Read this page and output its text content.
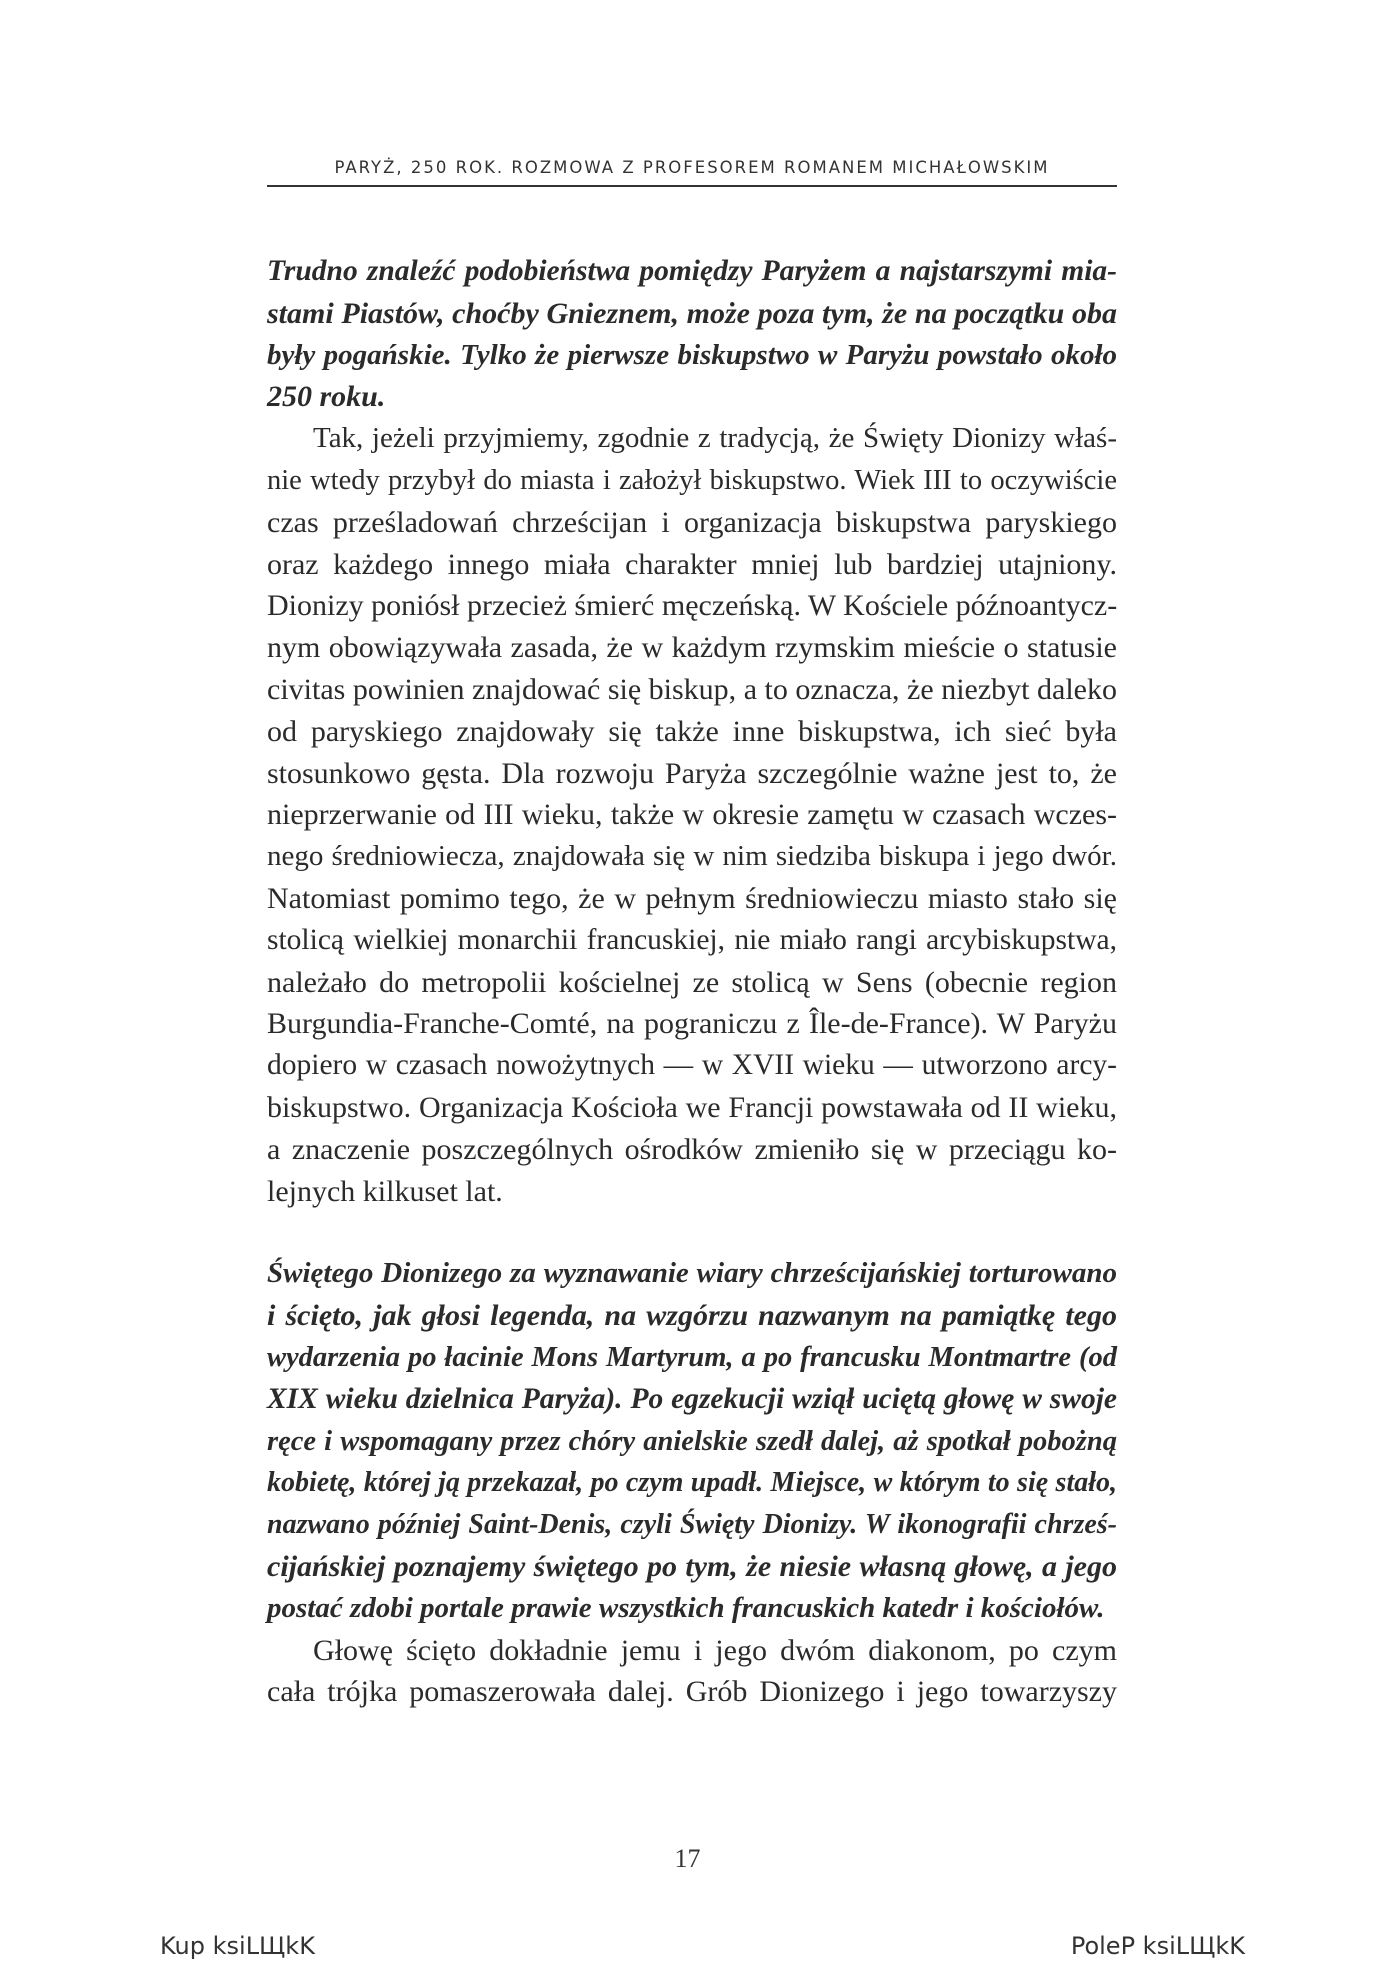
PARYŻ, 250 ROK. ROZMOWA Z PROFESOREM ROMANEM MICHAŁOWSKIM

Trudno znaleźć podobieństwa pomiędzy Paryżem a najstarszymi mia-
stami Piastów, choćby Gnieznem, może poza tym, że na początku oba
były pogańskie. Tylko że pierwsze biskupstwo w Paryżu powstało około
250 roku.

Tak, jeżeli przyjmiemy, zgodnie z tradycją, że Święty Dionizy właś-
nie wtedy przybył do miasta i założył biskupstwo. Wiek III to oczywiście
czas prześladowań chrześcijan i organizacja biskupstwa paryskiego
oraz każdego innego miała charakter mniej lub bardziej utajniony.
Dionizy poniósł przecież śmierć męczeńską. W Kościele późnoantycz-
nym obowiązywała zasada, że w każdym rzymskim mieście o statusie
civitas powinien znajdować się biskup, a to oznacza, że niezbyt daleko
od paryskiego znajdowały się także inne biskupstwa, ich sieć była
stosunkowo gęsta. Dla rozwoju Paryża szczególnie ważne jest to, że
nieprzerwanie od III wieku, także w okresie zamętu w czasach wczes-
nego średniowiecza, znajdowała się w nim siedziba biskupa i jego dwór.
Natomiast pomimo tego, że w pełnym średniowieczu miasto stało się
stolicą wielkiej monarchii francuskiej, nie miało rangi arcybiskupstwa,
należało do metropolii kościelnej ze stolicą w Sens (obecnie region
Burgundia-Franche-Comté, na pograniczu z Île-de-France). W Paryżu
dopiero w czasach nowożytnych — w XVII wieku — utworzono arcy-
biskupstwo. Organizacja Kościoła we Francji powstawała od II wieku,
a znaczenie poszczególnych ośrodków zmieniło się w przeciągu ko-
lejnych kilkuset lat.

Świętego Dionizego za wyznawanie wiary chrześcijańskiej torturowano
i ścięto, jak głosi legenda, na wzgórzu nazwanym na pamiątkę tego
wydarzenia po łacinie Mons Martyrum, a po francusku Montmartre (od
XIX wieku dzielnica Paryża). Po egzekucji wziął uciętą głowę w swoje
ręce i wspomagany przez chóry anielskie szedł dalej, aż spotkał pobożną
kobietę, której ją przekazał, po czym upadł. Miejsce, w którym to się stało,
nazwano później Saint-Denis, czyli Święty Dionizy. W ikonografii chrześ-
cijańskiej poznajemy świętego po tym, że niesie własną głowę, a jego
postać zdobi portale prawie wszystkich francuskich katedr i kościołów.

Głowę ścięto dokładnie jemu i jego dwóm diakonom, po czym
cała trójka pomaszerowała dalej. Grób Dionizego i jego towarzyszy

17
Kup ksiLЩkK	PoleP ksiLЩkK
